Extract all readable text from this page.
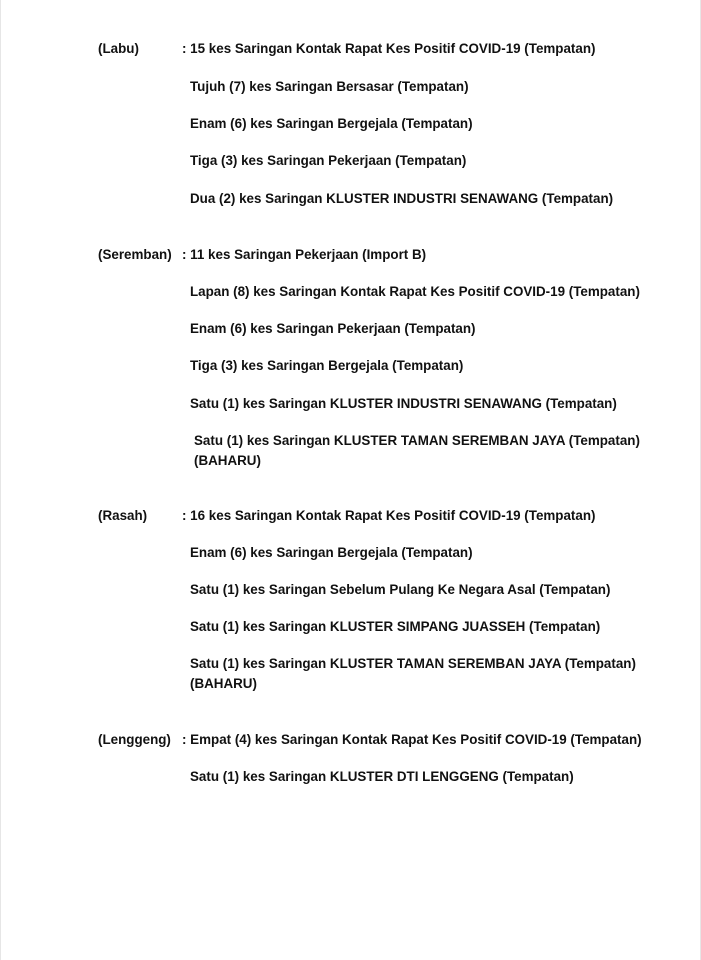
(Labu)	: 15 kes Saringan Kontak Rapat Kes Positif COVID-19 (Tempatan)
Tujuh (7) kes Saringan Bersasar (Tempatan)
Enam (6) kes Saringan Bergejala (Tempatan)
Tiga (3) kes Saringan Pekerjaan (Tempatan)
Dua (2) kes Saringan KLUSTER INDUSTRI SENAWANG (Tempatan)
(Seremban) : 11 kes Saringan Pekerjaan (Import B)
Lapan (8) kes Saringan Kontak Rapat Kes Positif COVID-19 (Tempatan)
Enam (6) kes Saringan Pekerjaan (Tempatan)
Tiga (3) kes Saringan Bergejala (Tempatan)
Satu (1) kes Saringan KLUSTER INDUSTRI SENAWANG (Tempatan)
Satu (1) kes Saringan KLUSTER TAMAN SEREMBAN JAYA (Tempatan)
(BAHARU)
(Rasah)	: 16 kes Saringan Kontak Rapat Kes Positif COVID-19 (Tempatan)
Enam (6) kes Saringan Bergejala (Tempatan)
Satu (1) kes Saringan Sebelum Pulang Ke Negara Asal (Tempatan)
Satu (1) kes Saringan KLUSTER SIMPANG JUASSEH (Tempatan)
Satu (1) kes Saringan KLUSTER TAMAN SEREMBAN JAYA (Tempatan)
(BAHARU)
(Lenggeng) : Empat (4) kes Saringan Kontak Rapat Kes Positif COVID-19 (Tempatan)
Satu (1) kes Saringan KLUSTER DTI LENGGENG (Tempatan)
